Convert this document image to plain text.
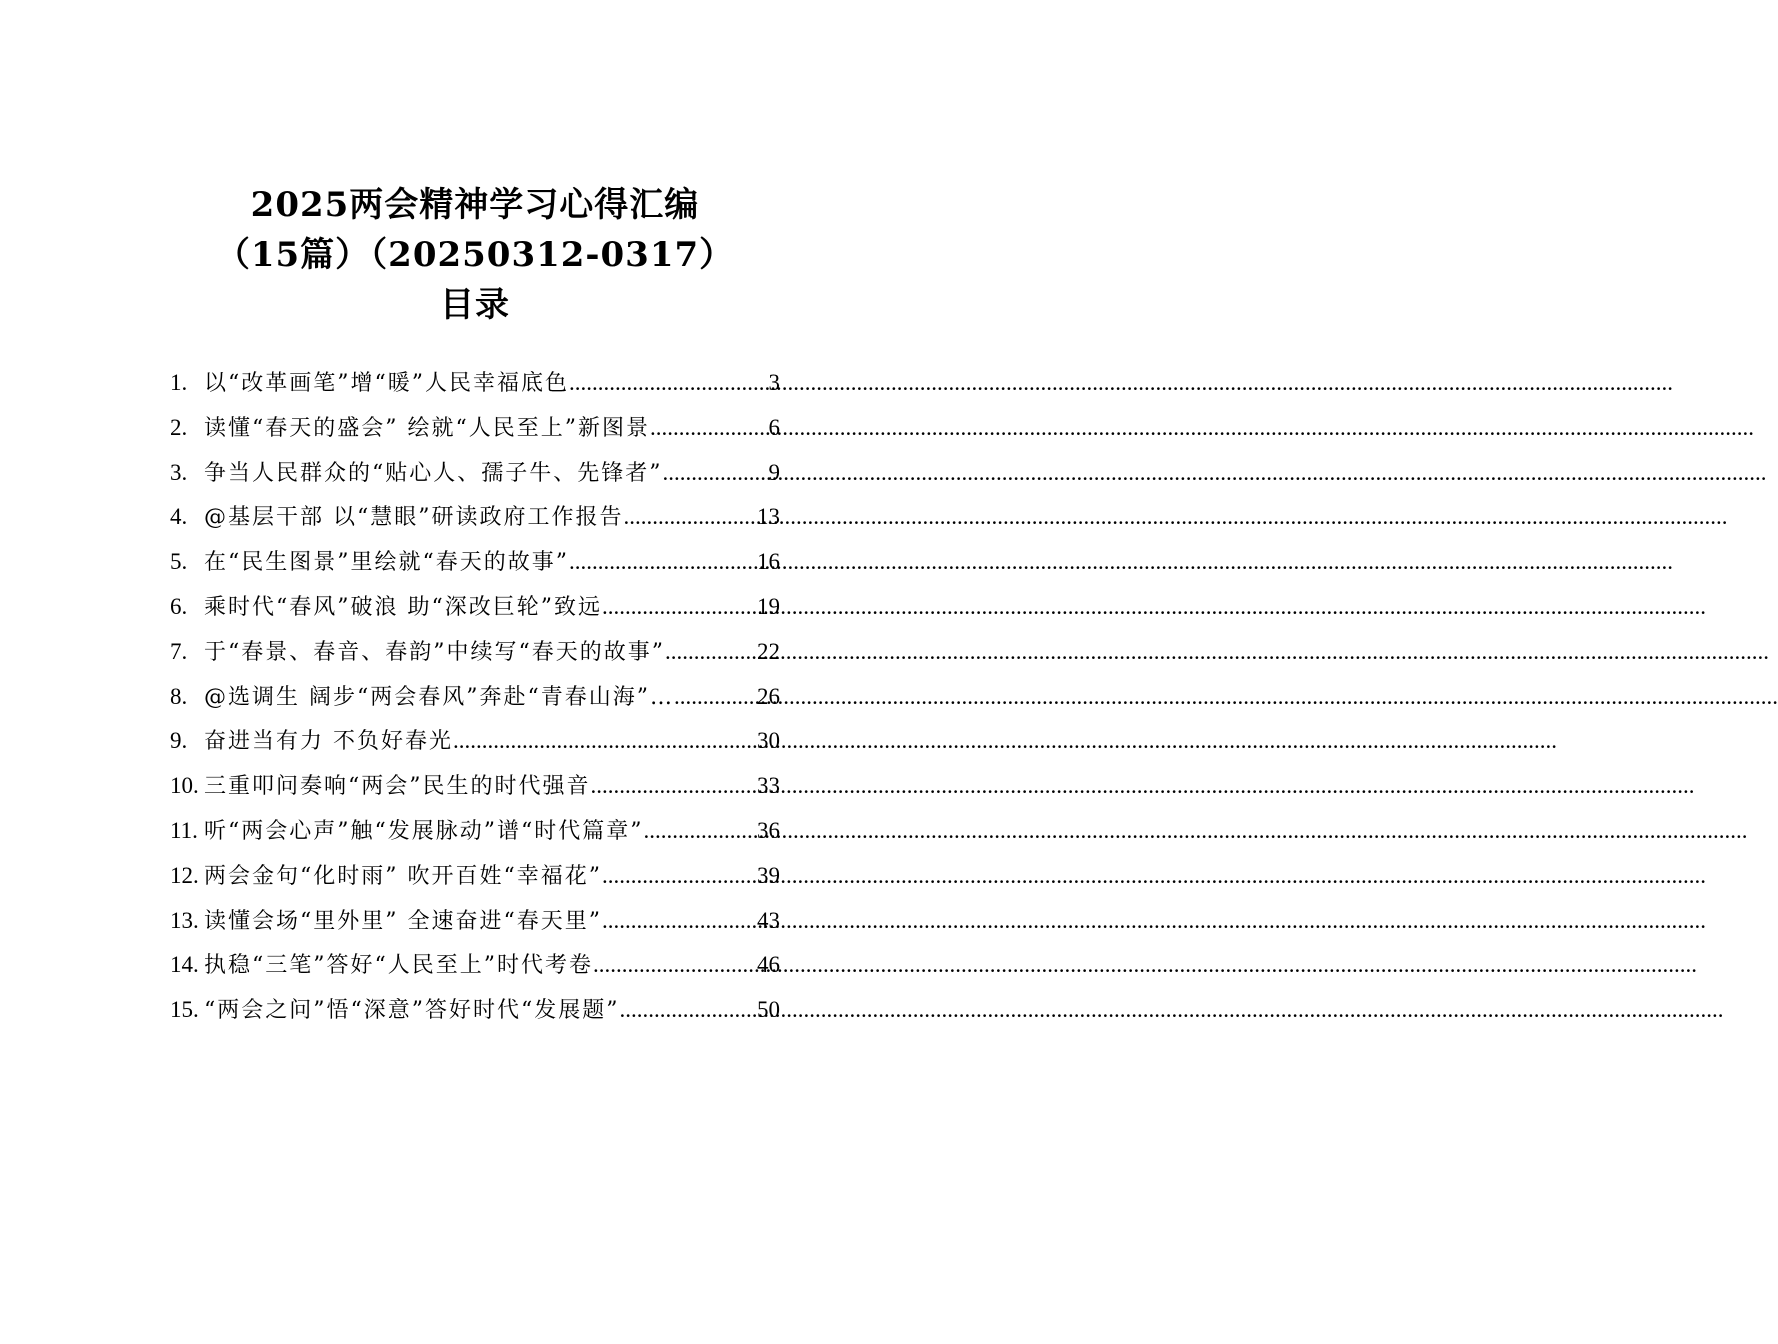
2025两会精神学习心得汇编
（15篇）（20250312-0317）
目录
1. 以“改革画笔”增“暖”人民幸福底色 .....	3
2. 读懂“春天的盛会” 绘就“人民至上”新图景 .....	6
3. 争当人民群众的“贴心人、孺子牛、先锋者” .....	9
4. @基层干部 以“慧眼”研读政府工作报告 .....	13
5. 在“民生图景”里绘就“春天的故事” .....	16
6. 乘时代“春风”破浪 助“深改巨轮”致远 .....	19
7. 于“春景、春音、春韵”中续写“春天的故事” .....	22
8. @选调生 阔步“两会春风”奔赴“青春山海”… .....	26
9. 奋进当有力 不负好春光 .....	30
10. 三重叩问奏响“两会”民生的时代强音 .....	33
11. 听“两会心声”触“发展脉动”谱“时代篇章” .....	36
12. 两会金句“化时雨” 吹开百姓“幸福花” .....	39
13. 读懂会场“里外里” 全速奋进“春天里” .....	43
14. 执稳“三笔”答好“人民至上”时代考卷 .....	46
15. “两会之问”悟“深意”答好时代“发展题” .....	50
